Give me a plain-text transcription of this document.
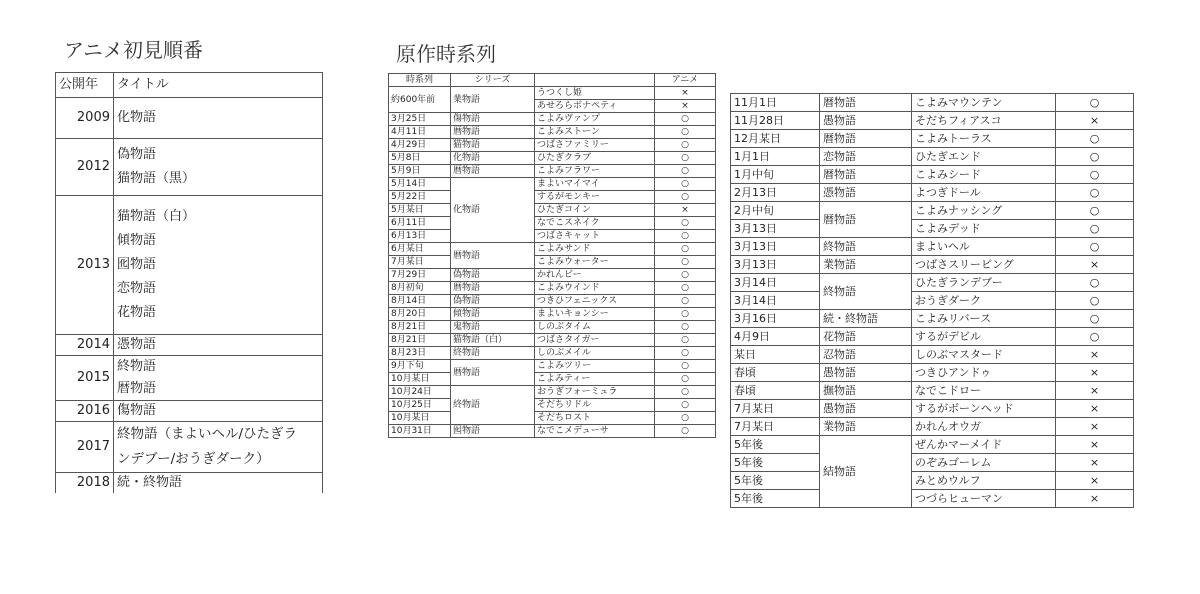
アニメ初見順番	原作時系列
公開年	タイトル
2009	化物語
2012	偽物語
猫物語（黒）

2013	猫物語（白）
傾物語
囮物語
恋物語
花物語

2014	憑物語
2015	終物語
暦物語

2016	傷物語
2017	終物語（まよいヘル/ひたぎラ
ンデブー/おうぎダーク）

2018	続・終物語
時系列	シリーズ		アニメ
約600年前	業物語	うつくし姫	×
		あせろらボナペティ	×
3月25日	傷物語	こよみヴァンプ	○
4月11日	暦物語	こよみストーン	○
4月29日	猫物語	つばさファミリー	○
5月8日	化物語	ひたぎクラブ	○
5月9日	暦物語	こよみフラワー	○
5月14日	化物語	まよいマイマイ	○
5月22日		するがモンキー	○
5月某日		ひたぎコイン	×
6月11日		なでこスネイク	○
6月13日		つばさキャット	○
6月某日	暦物語	こよみサンド	○
7月某日		こよみウォーター	○
7月29日	偽物語	かれんビー	○
8月初旬	暦物語	こよみウインド	○
8月14日	偽物語	つきひフェニックス	○
8月20日	傾物語	まよいキョンシー	○
8月21日	鬼物語	しのぶタイム	○
8月21日	猫物語（白）	つばさタイガー	○
8月23日	終物語	しのぶメイル	○
9月下旬	暦物語	こよみツリー	○
10月某日		こよみティー	○
10月24日	終物語	おうぎフォーミュラ	○
10月25日		そだちリドル	○
10月某日		そだちロスト	○
10月31日	囮物語	なでこメデューサ	○
11月1日	暦物語	こよみマウンテン	○
11月28日	愚物語	そだちフィアスコ	×
12月某日	暦物語	こよみトーラス	○
1月1日	恋物語	ひたぎエンド	○
1月中旬	暦物語	こよみシード	○
2月13日	憑物語	よつぎドール	○
2月中旬	暦物語	こよみナッシング	○
3月13日		こよみデッド	○
3月13日	終物語	まよいヘル	○
3月13日	業物語	つばさスリーピング	×
3月14日	終物語	ひたぎランデブー	○
3月14日		おうぎダーク	○
3月16日	続・終物語	こよみリバース	○
4月9日	花物語	するがデビル	○
某日	忍物語	しのぶマスタード	×
春頃	愚物語	つきひアンドゥ	×
春頃	撫物語	なでこドロー	×
7月某日	愚物語	するがボーンヘッド	×
7月某日	業物語	かれんオウガ	×
5年後	結物語	ぜんかマーメイド	×
5年後		のぞみゴーレム	×
5年後		みとめウルフ	×
5年後		つづらヒューマン	×
